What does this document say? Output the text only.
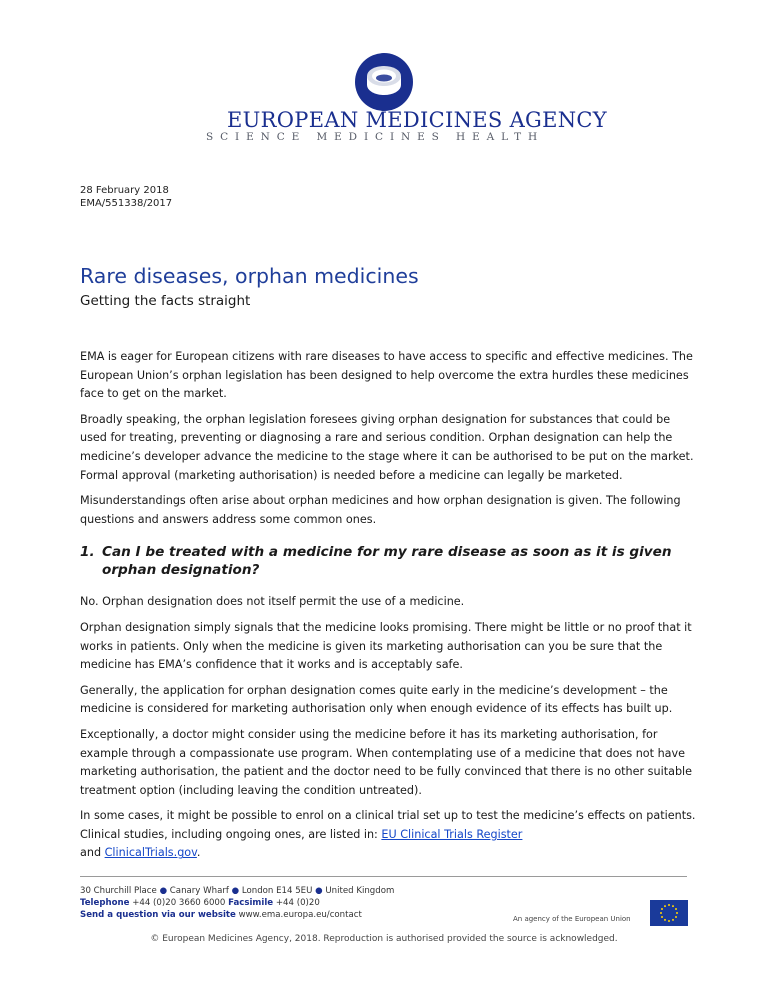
EUROPEAN MEDICINES AGENCY
SCIENCE MEDICINES HEALTH
28 February 2018
EMA/551338/2017
Rare diseases, orphan medicines
Getting the facts straight

EMA is eager for European citizens with rare diseases to have access to specific and effective medicines. The European Union’s orphan legislation has been designed to help overcome the extra hurdles these medicines face to get on the market.

Broadly speaking, the orphan legislation foresees giving orphan designation for substances that could be used for treating, preventing or diagnosing a rare and serious condition. Orphan designation can help the medicine’s developer advance the medicine to the stage where it can be authorised to be put on the market. Formal approval (marketing authorisation) is needed before a medicine can legally be marketed.

Misunderstandings often arise about orphan medicines and how orphan designation is given. The following questions and answers address some common ones.

1. Can I be treated with a medicine for my rare disease as soon as it is given orphan designation?

No. Orphan designation does not itself permit the use of a medicine.

Orphan designation simply signals that the medicine looks promising. There might be little or no proof that it works in patients. Only when the medicine is given its marketing authorisation can you be sure that the medicine has EMA’s confidence that it works and is acceptably safe.

Generally, the application for orphan designation comes quite early in the medicine’s development – the medicine is considered for marketing authorisation only when enough evidence of its effects has built up.

Exceptionally, a doctor might consider using the medicine before it has its marketing authorisation, for example through a compassionate use program. When contemplating use of a medicine that does not have marketing authorisation, the patient and the doctor need to be fully convinced that there is no other suitable treatment option (including leaving the condition untreated).

In some cases, it might be possible to enrol on a clinical trial set up to test the medicine’s effects on patients. Clinical studies, including ongoing ones, are listed in: EU Clinical Trials Register
and ClinicalTrials.gov.

30 Churchill Place ● Canary Wharf ● London E14 5EU ● United Kingdom
Telephone +44 (0)20 3660 6000 Facsimile +44 (0)20
Send a question via our website www.ema.europa.eu/contact	An agency of the European Union
© European Medicines Agency, 2018. Reproduction is authorised provided the source is acknowledged.
